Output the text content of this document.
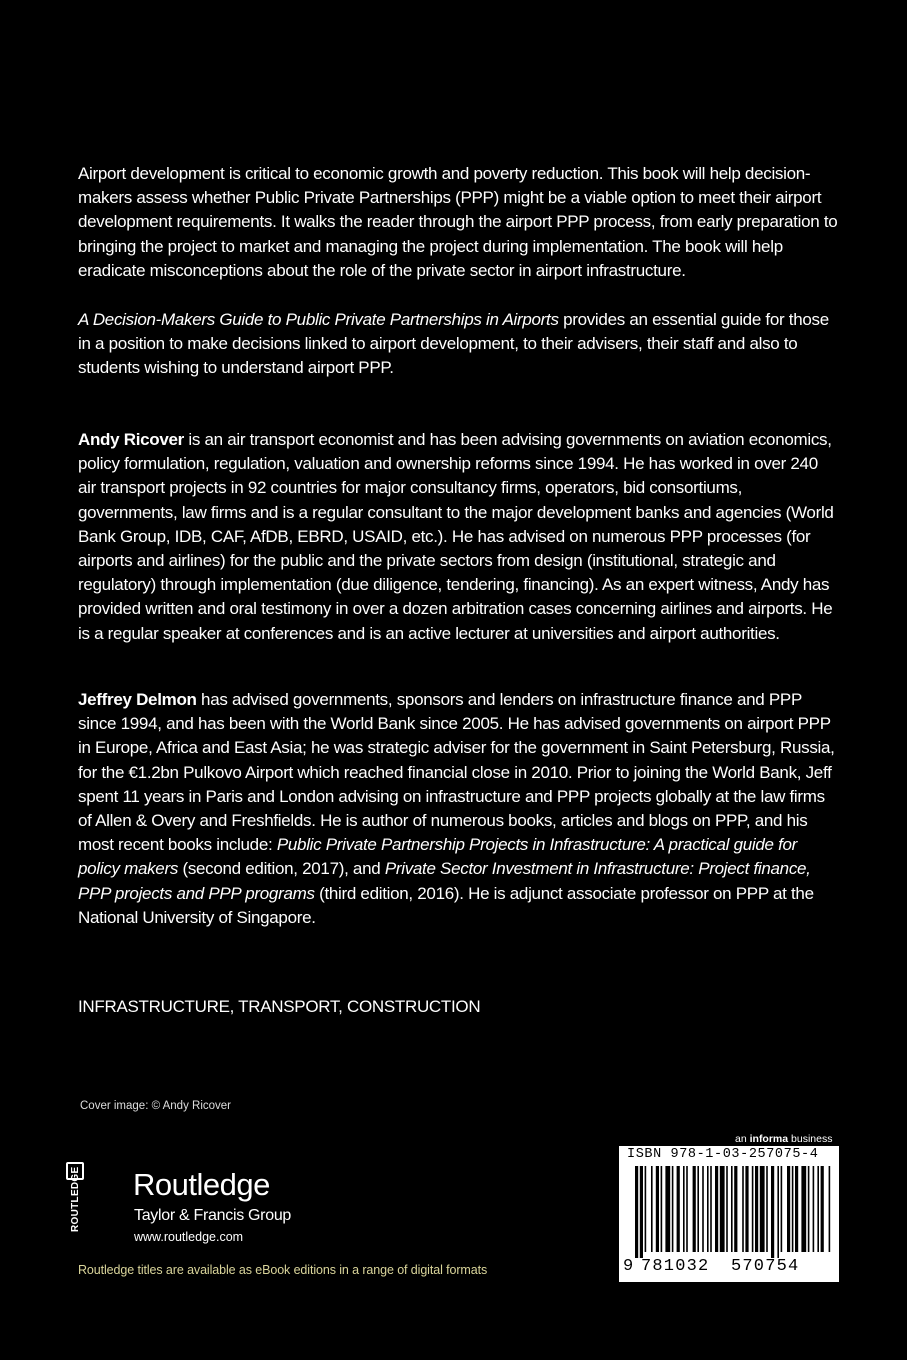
Airport development is critical to economic growth and poverty reduction. This book will help decision-makers assess whether Public Private Partnerships (PPP) might be a viable option to meet their airport development requirements. It walks the reader through the airport PPP process, from early preparation to bringing the project to market and managing the project during implementation. The book will help eradicate misconceptions about the role of the private sector in airport infrastructure.

A Decision-Makers Guide to Public Private Partnerships in Airports provides an essential guide for those in a position to make decisions linked to airport development, to their advisers, their staff and also to students wishing to understand airport PPP.

Andy Ricover is an air transport economist and has been advising governments on aviation economics, policy formulation, regulation, valuation and ownership reforms since 1994. He has worked in over 240 air transport projects in 92 countries for major consultancy firms, operators, bid consortiums, governments, law firms and is a regular consultant to the major development banks and agencies (World Bank Group, IDB, CAF, AfDB, EBRD, USAID, etc.). He has advised on numerous PPP processes (for airports and airlines) for the public and the private sectors from design (institutional, strategic and regulatory) through implementation (due diligence, tendering, financing). As an expert witness, Andy has provided written and oral testimony in over a dozen arbitration cases concerning airlines and airports. He is a regular speaker at conferences and is an active lecturer at universities and airport authorities.

Jeffrey Delmon has advised governments, sponsors and lenders on infrastructure finance and PPP since 1994, and has been with the World Bank since 2005. He has advised governments on airport PPP in Europe, Africa and East Asia; he was strategic adviser for the government in Saint Petersburg, Russia, for the €1.2bn Pulkovo Airport which reached financial close in 2010. Prior to joining the World Bank, Jeff spent 11 years in Paris and London advising on infrastructure and PPP projects globally at the law firms of Allen & Overy and Freshfields. He is author of numerous books, articles and blogs on PPP, and his most recent books include: Public Private Partnership Projects in Infrastructure: A practical guide for policy makers (second edition, 2017), and Private Sector Investment in Infrastructure: Project finance, PPP projects and PPP programs (third edition, 2016). He is adjunct associate professor on PPP at the National University of Singapore.

INFRASTRUCTURE, TRANSPORT, CONSTRUCTION
Cover image: © Andy Ricover
an informa business
ROUTLEDGE Routledge
Taylor & Francis Group
www.routledge.com
Routledge titles are available as eBook editions in a range of digital formats
ISBN 978-1-03-257075-4
9 781032 570754
